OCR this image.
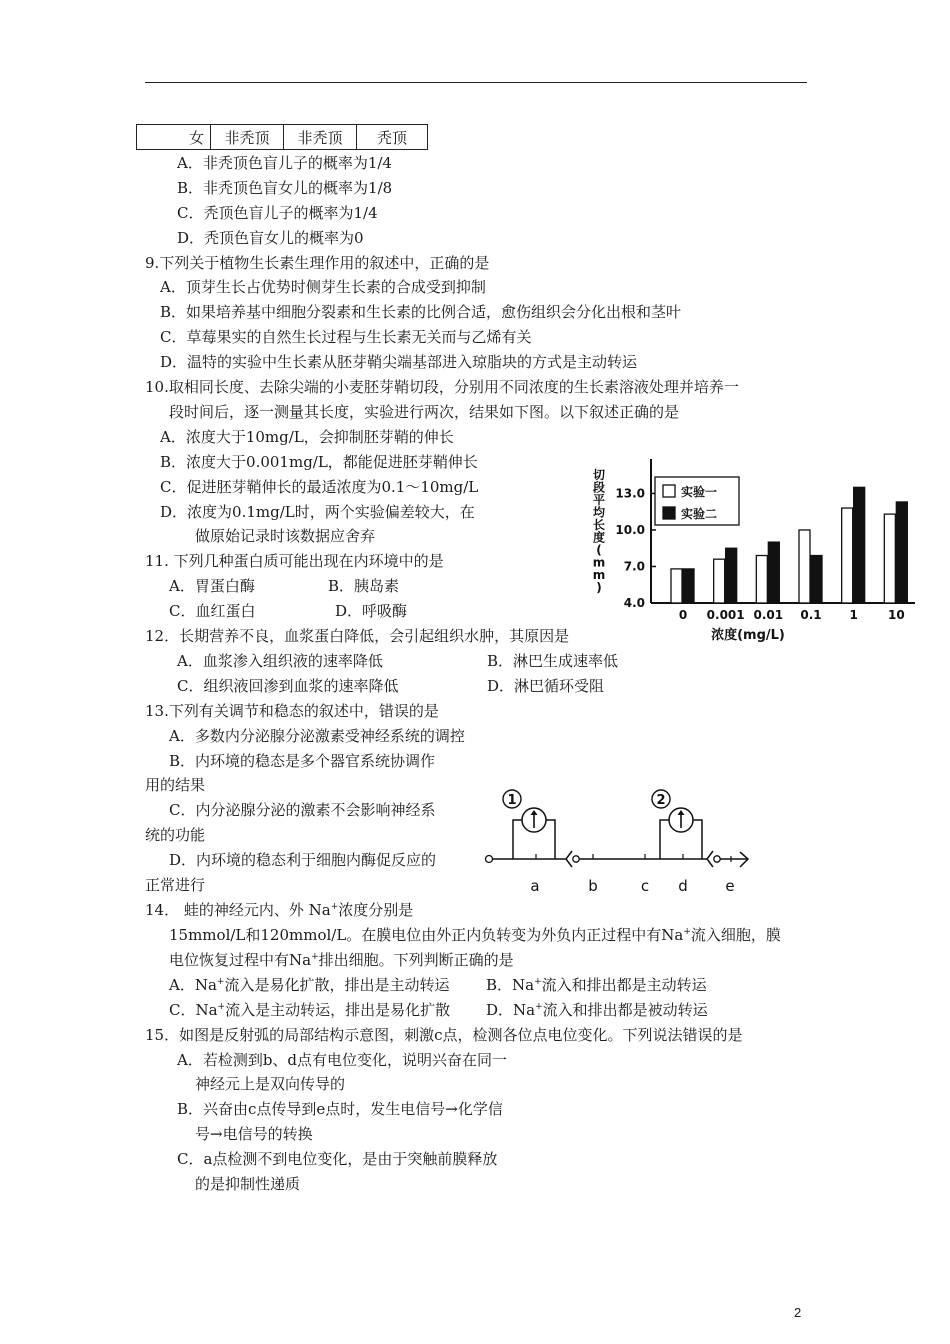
女	非秃顶	非秃顶	秃顶
A．非秃顶色盲儿子的概率为1/4
B．非秃顶色盲女儿的概率为1/8
C．秃顶色盲儿子的概率为1/4
D．秃顶色盲女儿的概率为0
9.下列关于植物生长素生理作用的叙述中，正确的是
A．顶芽生长占优势时侧芽生长素的合成受到抑制
B．如果培养基中细胞分裂素和生长素的比例合适，愈伤组织会分化出根和茎叶
C．草莓果实的自然生长过程与生长素无关而与乙烯有关
D．温特的实验中生长素从胚芽鞘尖端基部进入琼脂块的方式是主动转运
10.取相同长度、去除尖端的小麦胚芽鞘切段，分别用不同浓度的生长素溶液处理并培养一
段时间后，逐一测量其长度，实验进行两次，结果如下图。以下叙述正确的是
A．浓度大于10mg/L，会抑制胚芽鞘的伸长
B．浓度大于0.001mg/L，都能促进胚芽鞘伸长
C．促进胚芽鞘伸长的最适浓度为0.1～10mg/L
D．浓度为0.1mg/L时，两个实验偏差较大，在
做原始记录时该数据应舍弃
11. 下列几种蛋白质可能出现在内环境中的是
A．胃蛋白酶	B．胰岛素
C．血红蛋白	D．呼吸酶
12．长期营养不良，血浆蛋白降低，会引起组织水肿，其原因是
A．血浆渗入组织液的速率降低	B．淋巴生成速率低
C．组织液回渗到血浆的速率降低	D．淋巴循环受阻
13.下列有关调节和稳态的叙述中，错误的是
A．多数内分泌腺分泌激素受神经系统的调控
B．内环境的稳态是多个器官系统协调作
用的结果
C．内分泌腺分泌的激素不会影响神经系
统的功能
D．内环境的稳态利于细胞内酶促反应的
正常进行
14． 蛙的神经元内、外 Na+浓度分别是
15mmol/L和120mmol/L。在膜电位由外正内负转变为外负内正过程中有Na+流入细胞，膜
电位恢复过程中有Na+排出细胞。下列判断正确的是
A．Na+流入是易化扩散，排出是主动转运 B．Na+流入和排出都是主动转运
C．Na+流入是主动转运，排出是易化扩散 D．Na+流入和排出都是被动转运
15．如图是反射弧的局部结构示意图，刺激c点，检测各位点电位变化。下列说法错误的是
A．若检测到b、d点有电位变化，说明兴奋在同一
神经元上是双向传导的
B．兴奋由c点传导到e点时，发生电信号→化学信
号→电信号的转换
C．a点检测不到电位变化，是由于突触前膜释放
的是抑制性递质
切
段
平
均
长
度
(
m
m
)
4.0
7.0
10.0
13.0
0 0.001 0.01 0.1 1	10
实验一
实验二
浓度(mg/L)
1	2
a	b	c d	e
2
